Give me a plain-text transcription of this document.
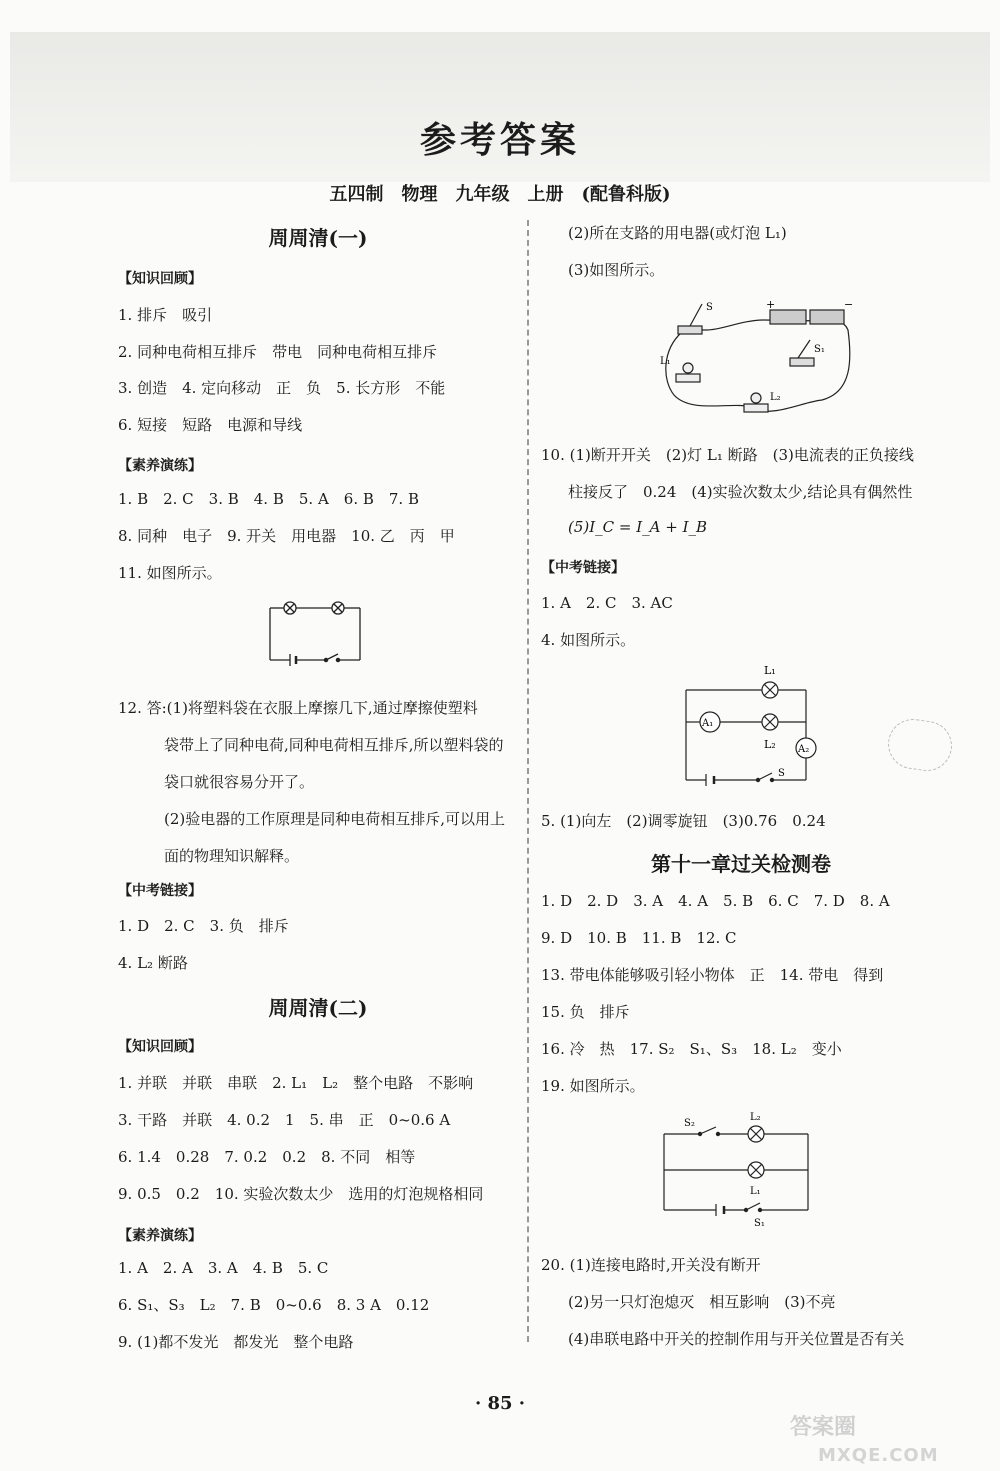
参考答案
五四制　物理　九年级　上册　(配鲁科版)
周周清(一)
【知识回顾】
1. 排斥　吸引
2. 同种电荷相互排斥　带电　同种电荷相互排斥
3. 创造　4. 定向移动　正　负　5. 长方形　不能
6. 短接　短路　电源和导线
【素养演练】
1. B　2. C　3. B　4. B　5. A　6. B　7. B
8. 同种　电子　9. 开关　用电器　10. 乙　丙　甲
11. 如图所示。
12. 答:(1)将塑料袋在衣服上摩擦几下,通过摩擦使塑料
袋带上了同种电荷,同种电荷相互排斥,所以塑料袋的
袋口就很容易分开了。
(2)验电器的工作原理是同种电荷相互排斥,可以用上
面的物理知识解释。
【中考链接】
1. D　2. C　3. 负　排斥
4. L₂ 断路
周周清(二)
【知识回顾】
1. 并联　并联　串联　2. L₁　L₂　整个电路　不影响
3. 干路　并联　4. 0.2　1　5. 串　正　0~0.6 A
6. 1.4　0.28　7. 0.2　0.2　8. 不同　相等
9. 0.5　0.2　10. 实验次数太少　选用的灯泡规格相同
【素养演练】
1. A　2. A　3. A　4. B　5. C
6. S₁、S₃　L₂　7. B　0~0.6　8. 3 A　0.12
9. (1)都不发光　都发光　整个电路
(2)所在支路的用电器(或灯泡 L₁)
(3)如图所示。
S	+	−
S₁
L₁
L₂
10. (1)断开开关　(2)灯 L₁ 断路　(3)电流表的正负接线
柱接反了　0.24　(4)实验次数太少,结论具有偶然性
(5)I_C = I_A + I_B
【中考链接】
1. A　2. C　3. AC
4. 如图所示。
L₁
L₂
A₁
A₂
S
5. (1)向左　(2)调零旋钮　(3)0.76　0.24
第十一章过关检测卷
1. D　2. D　3. A　4. A　5. B　6. C　7. D　8. A
9. D　10. B　11. B　12. C
13. 带电体能够吸引轻小物体　正　14. 带电　得到
15. 负　排斥
16. 冷　热　17. S₂　S₁、S₃　18. L₂　变小
19. 如图所示。
S₂
L₂
L₁
S₁
20. (1)连接电路时,开关没有断开
(2)另一只灯泡熄灭　相互影响　(3)不亮
(4)串联电路中开关的控制作用与开关位置是否有关
· 85 ·
答案圈
MXQE.COM
